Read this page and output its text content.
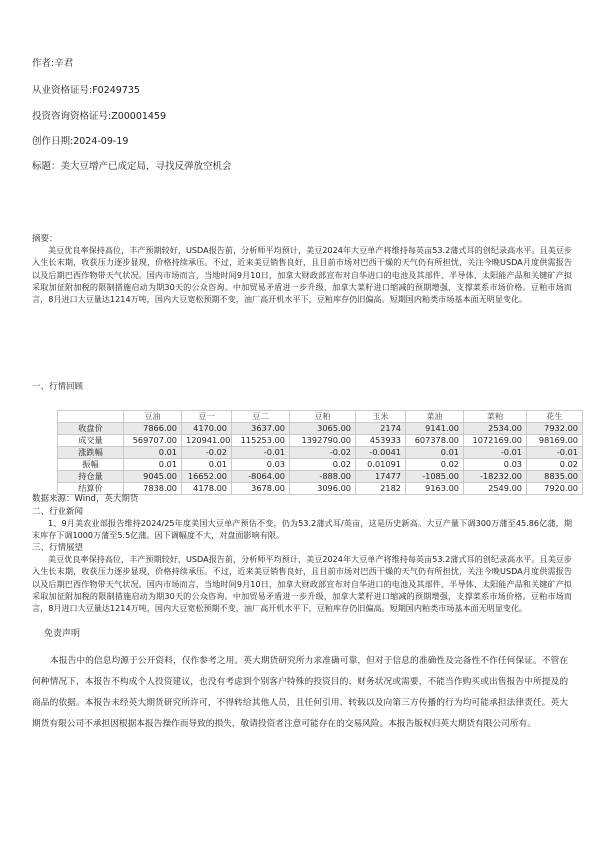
作者:辛君
从业资格证号:F0249735
投资咨询资格证号:Z00001459
创作日期:2024-09-19
标题：美大豆增产已成定局，寻找反弹放空机会
摘要：

美豆优良率保持高位，丰产预期较好，USDA报告前，分析师平均预计，美豆2024年大豆单产将维持每英亩53.2蒲式耳的创纪录高水平。且美豆步入生长末期，收获压力逐步显现，价格持续承压。不过，近来美豆销售良好，且目前市场对巴西干燥的天气仍有所担忧，关注今晚USDA月度供需报告以及后期巴西作物带天气状况。国内市场而言，当地时间9月10日，加拿大财政部宣布对自华进口的电池及其部件、半导体、太阳能产品和关键矿产拟采取加征附加税的限制措施启动为期30天的公众咨询。中加贸易矛盾进一步升级，加拿大菜籽进口缩减的预期增强，支撑菜系市场价格。豆粕市场而言，8月进口大豆量达1214万吨，国内大豆宽松预期不变，油厂高开机水平下，豆粕库存仍旧偏高。短期国内粕类市场基本面无明显变化。

一、行情回顾
	豆油	豆一	豆二	豆粕	玉米	菜油	菜粕	花生
收盘价	7866.00	4170.00	3637.00	3065.00	2174	9141.00	2534.00	7932.00
成交量	569707.00	120941.00	115253.00	1392790.00	453933	607378.00	1072169.00	98169.00
涨跌幅	0.01	-0.02	-0.01	-0.02	-0.0041	0.01	-0.01	-0.01
振幅	0.01	0.01	0.03	0.02	0.01091	0.02	0.03	0.02
持仓量	9045.00	16652.00	-8064.00	-888.00	17477	-1085.00	-18232.00	8835.00
结算价	7838.00	4178.00	3678.00	3096.00	2182	9163.00	2549.00	7920.00
数据来源：Wind，英大期货
二、行业新闻

1、9月美农业部报告维持2024/25年度美国大豆单产预估不变，仍为53.2蒲式耳/英亩，这是历史新高。大豆产量下调300万蒲至45.86亿蒲，期末库存下调1000万蒲至5.5亿蒲。因下调幅度不大，对盘面影响有限。

三、行情展望

美豆优良率保持高位，丰产预期较好，USDA报告前，分析师平均预计，美豆2024年大豆单产将维持每英亩53.2蒲式耳的创纪录高水平。且美豆步入生长末期，收获压力逐步显现，价格持续承压。不过，近来美豆销售良好，且目前市场对巴西干燥的天气仍有所担忧，关注今晚USDA月度供需报告以及后期巴西作物带天气状况。国内市场而言，当地时间9月10日，加拿大财政部宣布对自华进口的电池及其部件、半导体、太阳能产品和关键矿产拟采取加征附加税的限制措施启动为期30天的公众咨询。中加贸易矛盾进一步升级，加拿大菜籽进口缩减的预期增强，支撑菜系市场价格。豆粕市场而言，8月进口大豆量达1214万吨，国内大豆宽松预期不变，油厂高开机水平下，豆粕库存仍旧偏高。短期国内粕类市场基本面无明显变化。

免责声明

本报告中的信息均源于公开资料，仅作参考之用。英大期货研究所力求准确可靠，但对于信息的准确性及完备性不作任何保证。不管在何种情况下，本报告不构成个人投资建议，也没有考虑到个别客户特殊的投资目的、财务状况或需要，不能当作购买或出售报告中所提及的商品的依据。本报告未经英大期货研究所许可，不得转给其他人员，且任何引用、转载以及向第三方传播的行为均可能承担法律责任。英大期货有限公司不承担因根据本报告操作而导致的损失，敬请投资者注意可能存在的交易风险。本报告版权归英大期货有限公司所有。
